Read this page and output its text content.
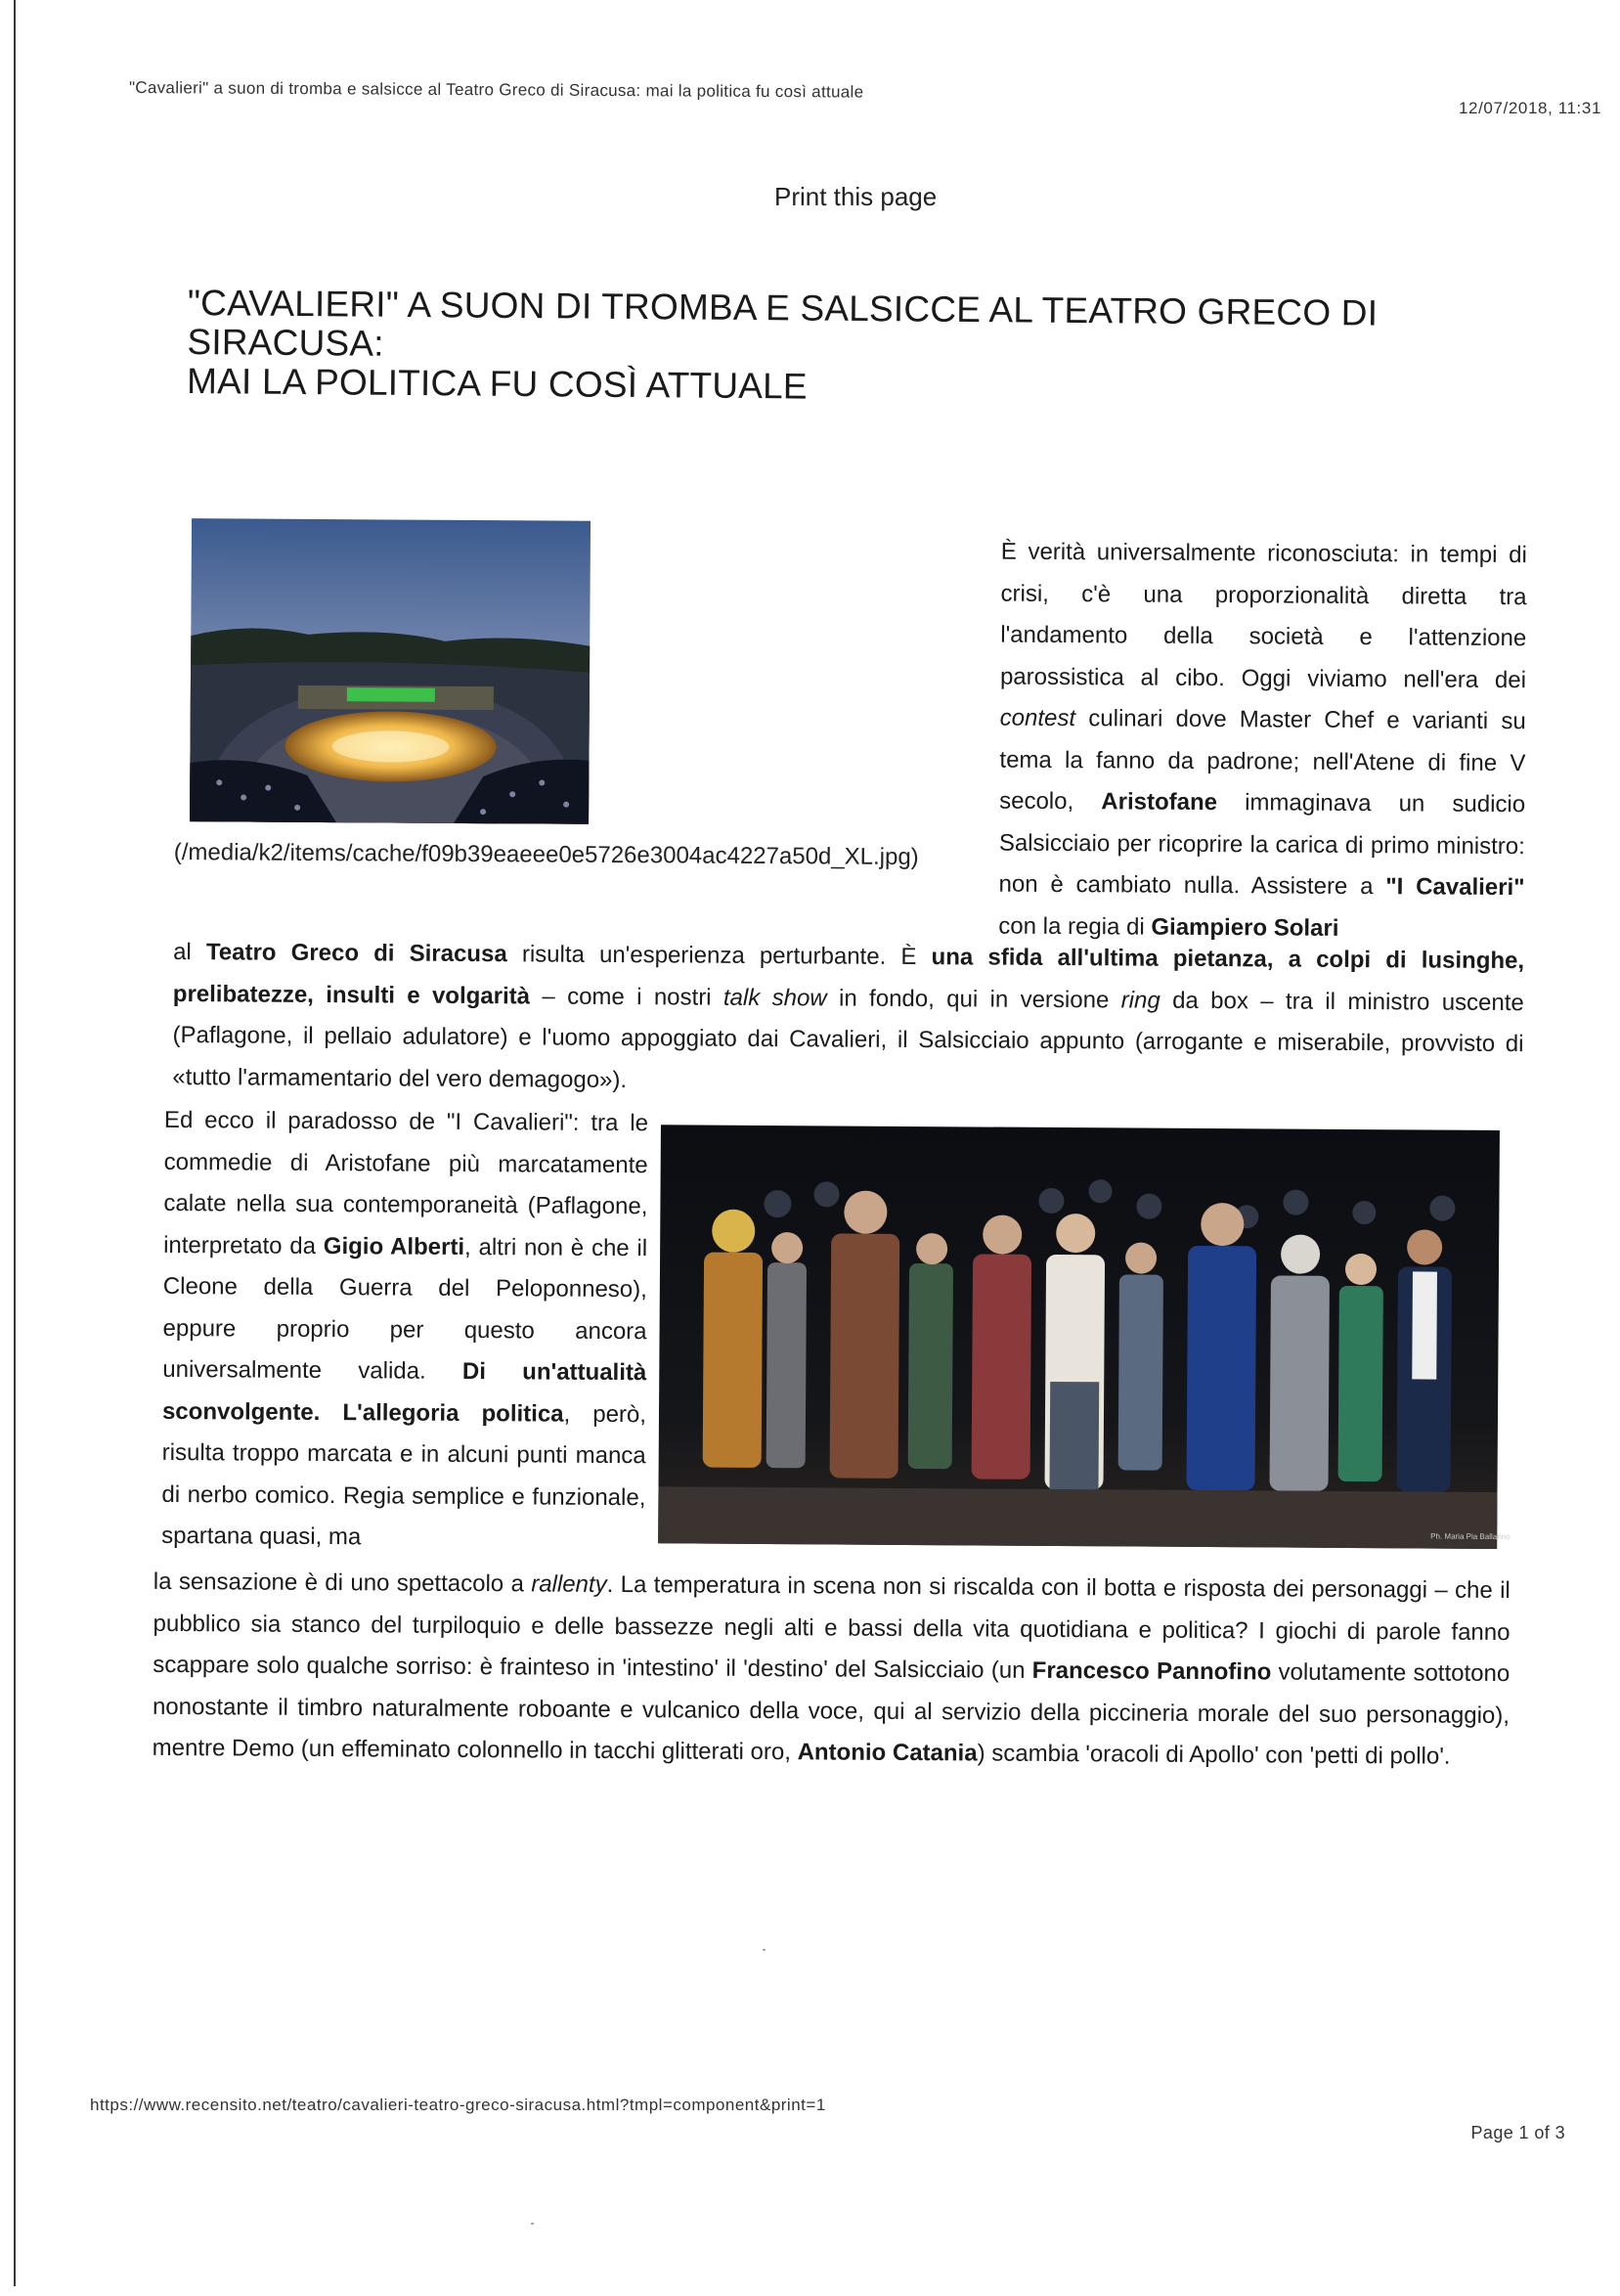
"Cavalieri" a suon di tromba e salsicce al Teatro Greco di Siracusa: mai la politica fu così attuale
12/07/2018, 11:31
Print this page
"CAVALIERI" A SUON DI TROMBA E SALSICCE AL TEATRO GRECO DI SIRACUSA:
MAI LA POLITICA FU COSÌ ATTUALE
(/media/k2/items/cache/f09b39eaeee0e5726e3004ac4227a50d_XL.jpg)

È verità universalmente riconosciuta: in tempi di crisi, c'è una proporzionalità diretta tra l'andamento della società e l'attenzione parossistica al cibo. Oggi viviamo nell'era dei contest culinari dove Master Chef e varianti su tema la fanno da padrone; nell'Atene di fine V secolo, Aristofane immaginava un sudicio Salsicciaio per ricoprire la carica di primo ministro: non è cambiato nulla. Assistere a "I Cavalieri" con la regia di Giampiero Solari

al Teatro Greco di Siracusa risulta un'esperienza perturbante. È una sfida all'ultima pietanza, a colpi di lusinghe, prelibatezze, insulti e volgarità – come i nostri talk show in fondo, qui in versione ring da box – tra il ministro uscente (Paflagone, il pellaio adulatore) e l'uomo appoggiato dai Cavalieri, il Salsicciaio appunto (arrogante e miserabile, provvisto di «tutto l'armamentario del vero demagogo»).

Ed ecco il paradosso de "I Cavalieri": tra le commedie di Aristofane più marcatamente calate nella sua contemporaneità (Paflagone, interpretato da Gigio Alberti, altri non è che il Cleone della Guerra del Peloponneso), eppure proprio per questo ancora universalmente valida. Di un'attualità sconvolgente. L'allegoria politica, però, risulta troppo marcata e in alcuni punti manca di nerbo comico. Regia semplice e funzionale, spartana quasi, ma	Ph. Maria Pia Ballarino

la sensazione è di uno spettacolo a rallenty. La temperatura in scena non si riscalda con il botta e risposta dei personaggi – che il pubblico sia stanco del turpiloquio e delle bassezze negli alti e bassi della vita quotidiana e politica? I giochi di parole fanno scappare solo qualche sorriso: è frainteso in 'intestino' il 'destino' del Salsicciaio (un Francesco Pannofino volutamente sottotono nonostante il timbro naturalmente roboante e vulcanico della voce, qui al servizio della piccineria morale del suo personaggio), mentre Demo (un effeminato colonnello in tacchi glitterati oro, Antonio Catania) scambia 'oracoli di Apollo' con 'petti di pollo'.

https://www.recensito.net/teatro/cavalieri-teatro-greco-siracusa.html?tmpl=component&print=1
Page 1 of 3
